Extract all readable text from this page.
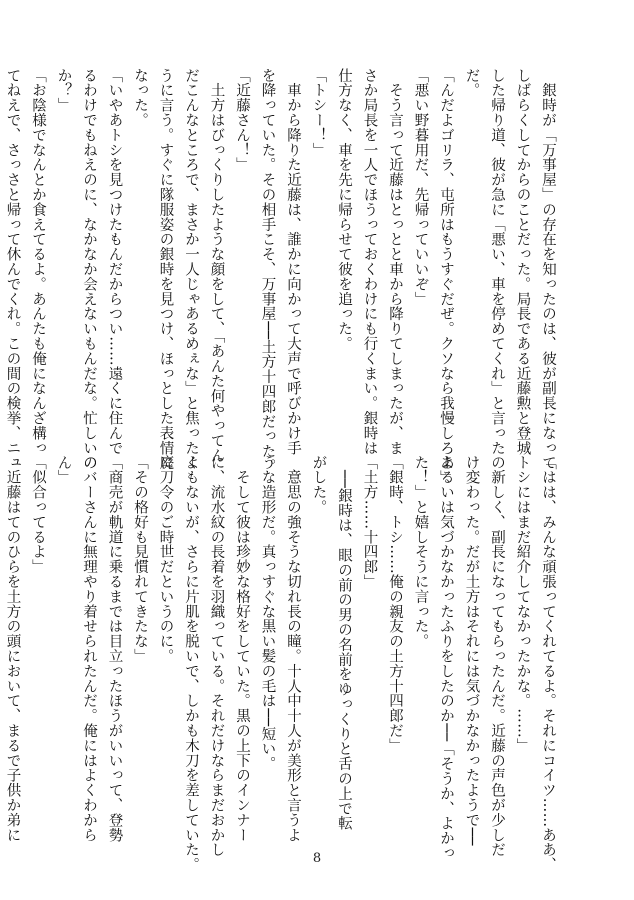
　銀時が「万事屋」の存在を知ったのは、彼が副長になって

しばらくしてからのことだった。局長である近藤勲と登城

した帰り道、彼が急に「悪い、車を停めてくれ」と言ったの

だ。

「んだよゴリラ、屯所はもうすぐだぜ。クソなら我慢しろよ」

「悪い野暮用だ、先帰っていいぞ」

　そう言って近藤はとっとと車から降りてしまったが、ま

さか局長を一人でほうっておくわけにも行くまい。銀時は

仕方なく、車を先に帰らせて彼を追った。

「トシー！」

　車から降りた近藤は、誰かに向かって大声で呼びかけ手

を降っていた。その相手こそ、万事屋──土方十四郎だった。

「近藤さん！」

　土方はびっくりしたような顔をして、「あんた何やってん

だこんなところで、まさか一人じゃあるめぇな」と焦ったよ

うに言う。すぐに隊服姿の銀時を見つけ、ほっとした表情に

なった。

「いやあトシを見つけたもんだからつい……遠くに住んで

るわけでもねえのに、なかなか会えないもんだな。忙しいの

か？」

「お陰様でなんとか食えてるよ。あんたも俺になんざ構っ

てねえで、さっさと帰って休んでくれ。この間の検挙、ニュ

「はは、みんな頑張ってくれてるよ。それにコイツ……ああ、

トシにはまだ紹介してなかったかな。……」

　新しく、副長になってもらったんだ。近藤の声色が少しだ

け変わった。だが土方はそれには気づかなかったようで──

あるいは気づかなかったふりをしたのか──「そうか、よかっ

た！」と嬉しそうに言った。

「銀時、トシ……俺の親友の土方十四郎だ」

「土方……十四郎」

　──銀時は、眼の前の男の名前をゆっくりと舌の上で転

がした。

　意思の強そうな切れ長の瞳。十人中十人が美形と言うよ

うな造形だ。真っすぐな黒い髪の毛は──短い。

　そして彼は珍妙な格好をしていた。黒の上下のインナー

に、流水紋の長着を羽織っている。それだけならまだおかし

くもないが、さらに片肌を脱いで、しかも木刀を差していた。

廃刀令のご時世だというのに。

「その格好も見慣れてきたな」

「商売が軌道に乗るまでは目立ったほうがいいって、登勢

のバーさんに無理やり着せられたんだ。俺にはよくわから

ん」

「似合ってるよ」

　近藤はてのひらを土方の頭において、まるで子供か弟に

8
